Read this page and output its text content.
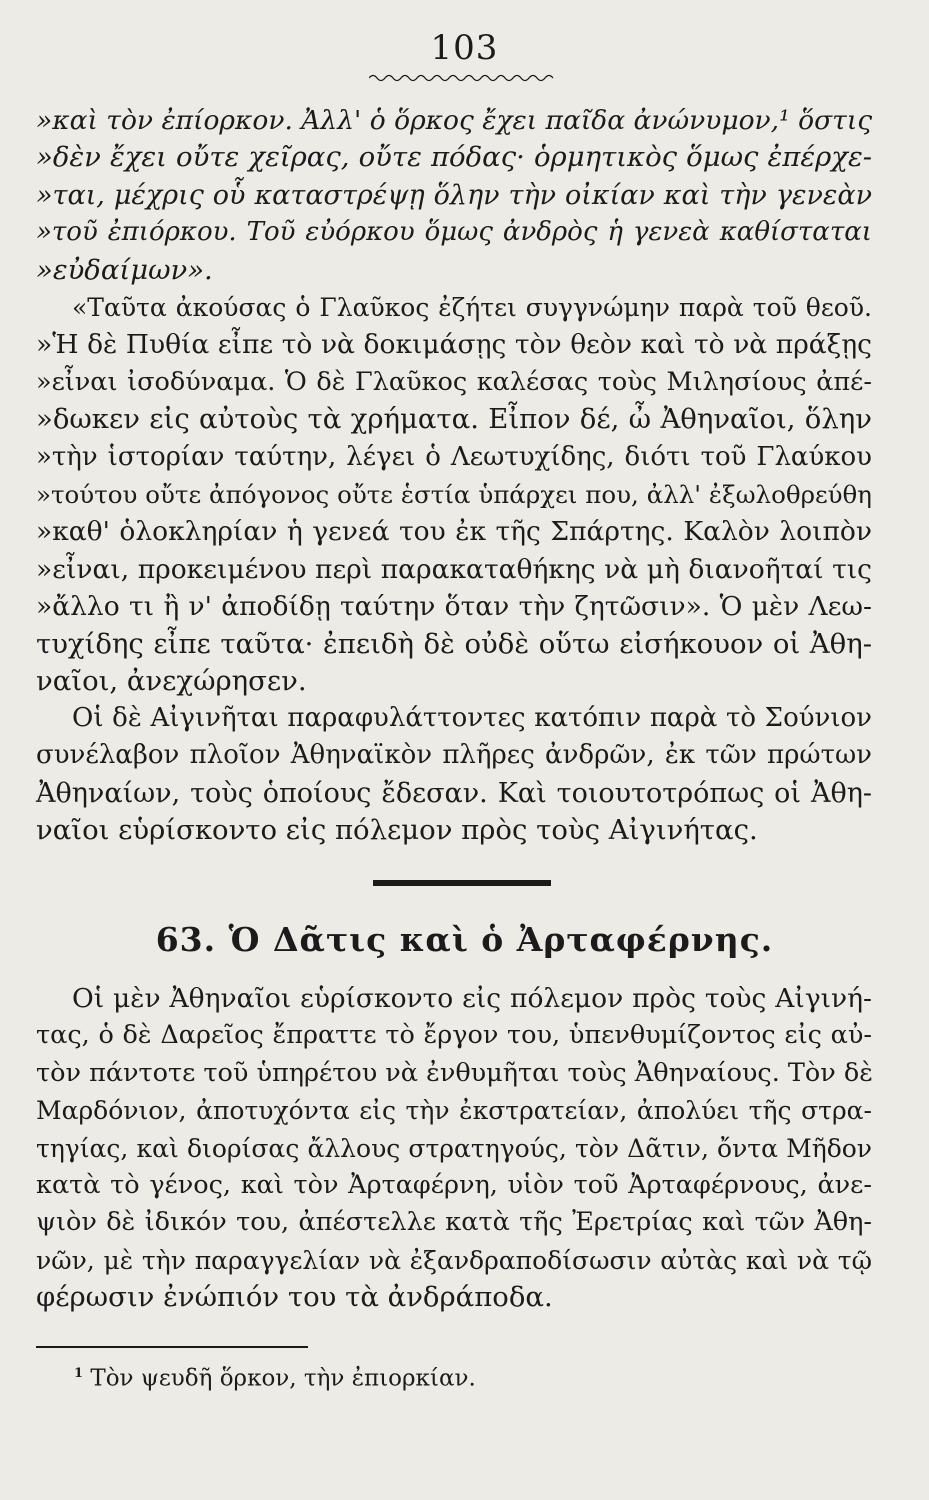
103
»καὶ τὸν ἐπίορκον. Ἀλλ' ὁ ὅρκος ἔχει παῖδα ἀνώνυμον,¹ ὅστις
»δὲν ἔχει οὔτε χεῖρας, οὔτε πόδας· ὁρμητικὸς ὅμως ἐπέρχε-
»ται, μέχρις οὗ καταστρέψῃ ὅλην τὴν οἰκίαν καὶ τὴν γενεὰν
»τοῦ ἐπιόρκου. Τοῦ εὐόρκου ὅμως ἀνδρὸς ἡ γενεὰ καθίσταται
»εὐδαίμων».
«Ταῦτα ἀκούσας ὁ Γλαῦκος ἐζήτει συγγνώμην παρὰ τοῦ θεοῦ.
»Ἡ δὲ Πυθία εἶπε τὸ νὰ δοκιμάσῃς τὸν θεὸν καὶ τὸ νὰ πράξῃς
»εἶναι ἰσοδύναμα. Ὁ δὲ Γλαῦκος καλέσας τοὺς Μιλησίους ἀπέ-
»δωκεν εἰς αὐτοὺς τὰ χρήματα. Εἶπον δέ, ὦ Ἀθηναῖοι, ὅλην
»τὴν ἱστορίαν ταύτην, λέγει ὁ Λεωτυχίδης, διότι τοῦ Γλαύκου
»τούτου οὔτε ἀπόγονος οὔτε ἑστία ὑπάρχει που, ἀλλ' ἐξωλοθρεύθη
»καθ' ὁλοκληρίαν ἡ γενεά του ἐκ τῆς Σπάρτης. Καλὸν λοιπὸν
»εἶναι, προκειμένου περὶ παρακαταθήκης νὰ μὴ διανοῆταί τις
»ἄλλο τι ἢ ν' ἀποδίδῃ ταύτην ὅταν τὴν ζητῶσιν». Ὁ μὲν Λεω-
τυχίδης εἶπε ταῦτα· ἐπειδὴ δὲ οὐδὲ οὕτω εἰσήκουον οἱ Ἀθη-
ναῖοι, ἀνεχώρησεν.
Οἱ δὲ Αἰγινῆται παραφυλάττοντες κατόπιν παρὰ τὸ Σούνιον
συνέλαβον πλοῖον Ἀθηναϊκὸν πλῆρες ἀνδρῶν, ἐκ τῶν πρώτων
Ἀθηναίων, τοὺς ὁποίους ἔδεσαν. Καὶ τοιουτοτρόπως οἱ Ἀθη-
ναῖοι εὑρίσκοντο εἰς πόλεμον πρὸς τοὺς Αἰγινήτας.
63. Ὁ Δᾶτις καὶ ὁ Ἀρταφέρνης.
Οἱ μὲν Ἀθηναῖοι εὑρίσκοντο εἰς πόλεμον πρὸς τοὺς Αἰγινή-
τας, ὁ δὲ Δαρεῖος ἔπραττε τὸ ἔργον του, ὑπενθυμίζοντος εἰς αὐ-
τὸν πάντοτε τοῦ ὑπηρέτου νὰ ἐνθυμῆται τοὺς Ἀθηναίους. Τὸν δὲ
Μαρδόνιον, ἀποτυχόντα εἰς τὴν ἐκστρατείαν, ἀπολύει τῆς στρα-
τηγίας, καὶ διορίσας ἄλλους στρατηγούς, τὸν Δᾶτιν, ὄντα Μῆδον
κατὰ τὸ γένος, καὶ τὸν Ἀρταφέρνη, υἱὸν τοῦ Ἀρταφέρνους, ἀνε-
ψιὸν δὲ ἰδικόν του, ἀπέστελλε κατὰ τῆς Ἐρετρίας καὶ τῶν Ἀθη-
νῶν, μὲ τὴν παραγγελίαν νὰ ἐξανδραποδίσωσιν αὐτὰς καὶ νὰ τῷ
φέρωσιν ἐνώπιόν του τὰ ἀνδράποδα.
$^1$ Τὸν ψευδῆ ὅρκον, τὴν ἐπιορκίαν.
